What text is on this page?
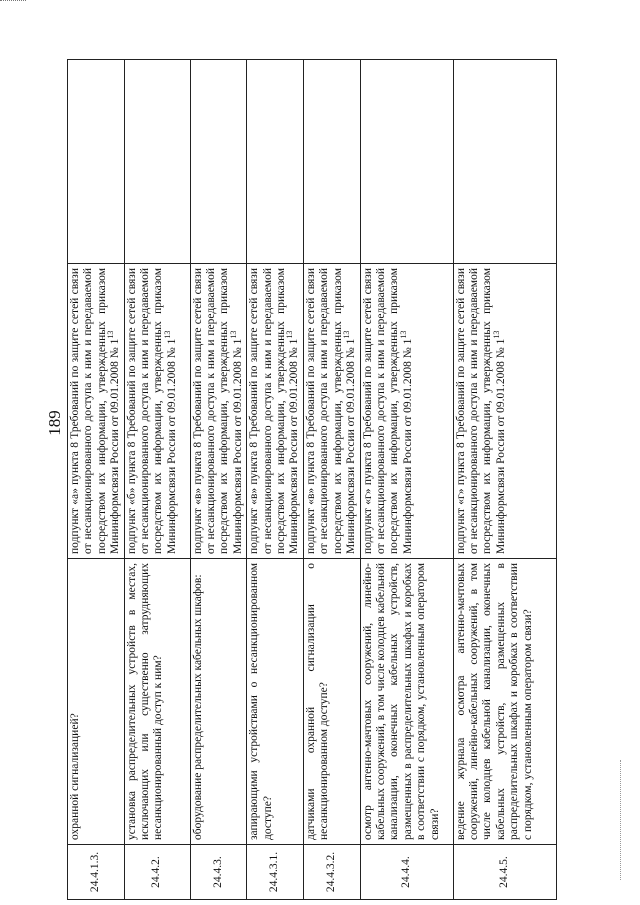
189
24.4.1.3.	охранной сигнализацией?	подпункт «а» пункта 8 Требований по защите сетей связи от несанкционированного доступа к ним и передаваемой посредством их информации, утвержденных приказом Мининформсвязи России от 09.01.2008 № $1^{13}$	
24.4.2.	установка распределительных устройств в местах, исключающих или существенно затрудняющих несанкционированный доступ к ним?	подпункт «б» пункта 8 Требований по защите сетей связи от несанкционированного доступа к ним и передаваемой посредством их информации, утвержденных приказом Мининформсвязи России от 09.01.2008 № $1^{13}$	
24.4.3.	оборудование распределительных кабельных шкафов:	подпункт «в» пункта 8 Требований по защите сетей связи от несанкционированного доступа к ним и передаваемой посредством их информации, утвержденных приказом Мининформсвязи России от 09.01.2008 № $1^{13}$	
24.4.3.1.	запирающими устройствами о несанкционированном доступе?	подпункт «в» пункта 8 Требований по защите сетей связи от несанкционированного доступа к ним и передаваемой посредством их информации, утвержденных приказом Мининформсвязи России от 09.01.2008 № $1^{13}$	
24.4.3.2.	датчиками охранной сигнализации о несанкционированном доступе?	подпункт «в» пункта 8 Требований по защите сетей связи от несанкционированного доступа к ним и передаваемой посредством их информации, утвержденных приказом Мининформсвязи России от 09.01.2008 № $1^{13}$	
24.4.4.	осмотр антенно-мачтовых сооружений, линейно-кабельных сооружений, в том числе колодцев кабельной канализации, оконечных кабельных устройств, размещенных в распределительных шкафах и коробках в соответствии с порядком, установленным оператором связи?	подпункт «г» пункта 8 Требований по защите сетей связи от несанкционированного доступа к ним и передаваемой посредством их информации, утвержденных приказом Мининформсвязи России от 09.01.2008 № $1^{13}$	
24.4.5.	ведение журнала осмотра антенно-мачтовых сооружений, линейно-кабельных сооружений, в том числе колодцев кабельной канализации, оконечных кабельных устройств, размещенных в распределительных шкафах и коробках в соответствии с порядком, установленным оператором связи?	подпункт «г» пункта 8 Требований по защите сетей связи от несанкционированного доступа к ним и передаваемой посредством их информации, утвержденных приказом Мининформсвязи России от 09.01.2008 № $1^{13}$	
